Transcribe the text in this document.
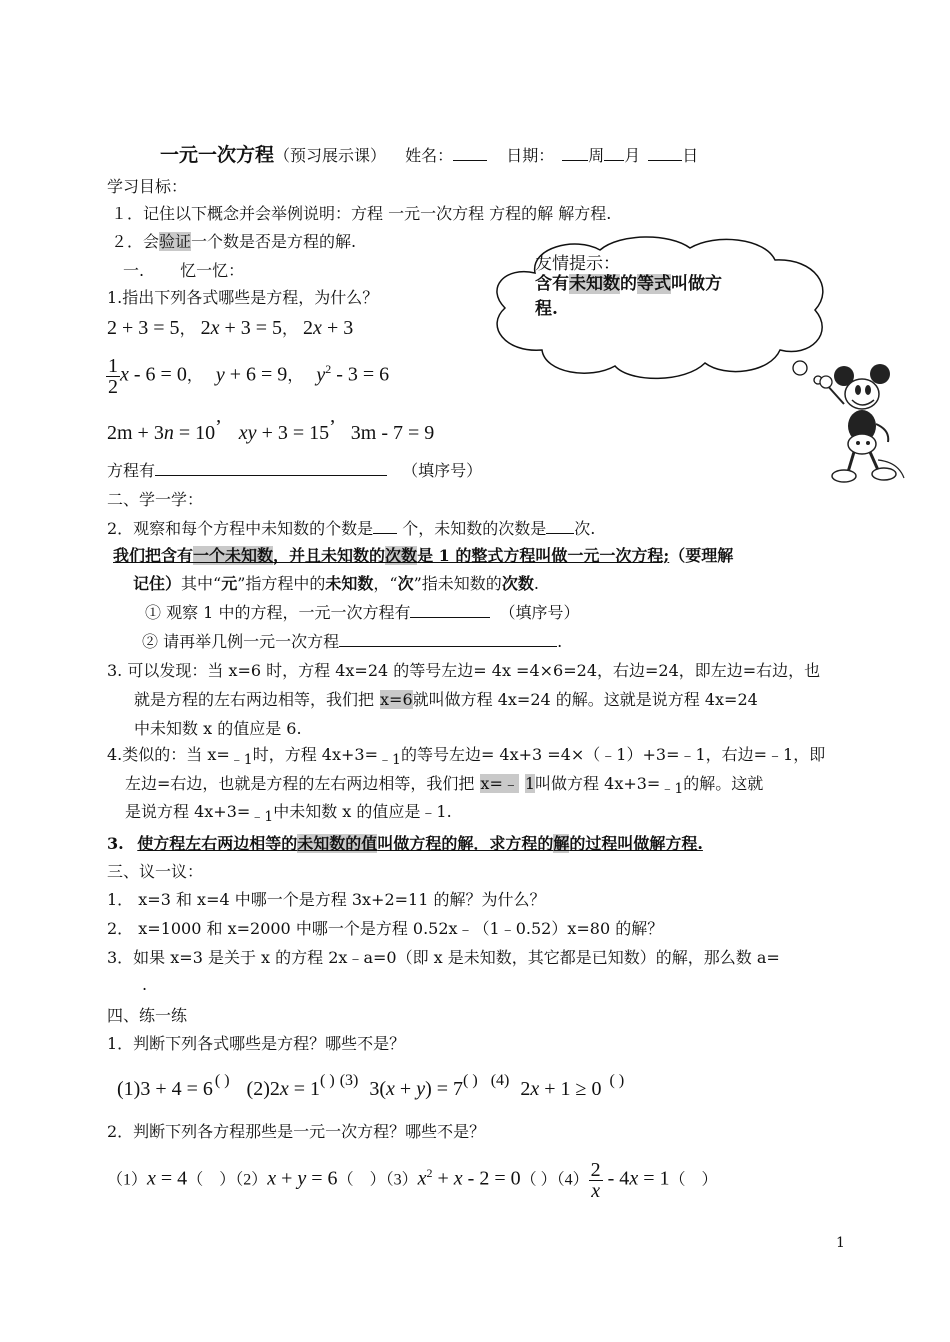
一元一次方程（预习展示课） 姓名：	日期： 周 月	日
学习目标：
１．记住以下概念并会举例说明：方程 一元一次方程 方程的解 解方程.
２．会验证一个数是否是方程的解.
一. 忆一忆：
1.指出下列各式哪些是方程，为什么？
2 + 3 = 5， 2x + 3 = 5， 2x + 3
$\frac{1}{2}$ x - 6 = 0， y + 6 = 9， $y^2 - 3 = 6$
2m + 3n = 10’ xy + 3 = 15’ 3m - 7 = 9
方程有	（填序号）
友情提示：
含有未知数的等式叫做方
程.
二、学一学：
2．观察和每个方程中未知数的个数是 个，未知数的次数是 次.
我们把含有一个未知数，并且未知数的次数是 1 的整式方程叫做一元一次方程;（要理解
记住）其中“元”指方程中的未知数，“次”指未知数的次数.
① 观察 1 中的方程，一元一次方程有	（填序号）
② 请再举几例一元一次方程	.
3. 可以发现：当 x=6 时，方程 4x=24 的等号左边= 4x =4×6=24，右边=24，即左边=右边，也
就是方程的左右两边相等，我们把 x=6就叫做方程 4x=24 的解。这就是说方程 4x=24
中未知数 x 的值应是 6.
4.类似的：当 x=﹣1时，方程 4x+3=﹣1的等号左边= 4x+3 =4×（﹣1）+3=﹣1，右边=﹣1，即
左边=右边，也就是方程的左右两边相等，我们把 x=﹣ 1叫做方程 4x+3=﹣1的解。这就
是说方程 4x+3=﹣1中未知数 x 的值应是﹣1.
3. 使方程左右两边相等的未知数的值叫做方程的解．求方程的解的过程叫做解方程.
三、议一议：
1． x=3 和 x=4 中哪一个是方程 3x+2=11 的解？为什么？
2． x=1000 和 x=2000 中哪一个是方程 0.52x﹣（1﹣0.52）x=80 的解？
3．如果 x=3 是关于 x 的方程 2x﹣a=0（即 x 是未知数，其它都是已知数）的解，那么数 a=
.
四、练一练
1．判断下列各式哪些是方程？哪些不是？
(1)3 + 4 = 6 ( ) (2)2x = 1( ) $^{(3)}$ 3(x + y) = 7( ) $^{(4)}$ 2x + 1 ≥ 0 ( )
2．判断下列各方程那些是一元一次方程？哪些不是？
（1）x = 4（　）（2）x + y = 6（　）$(3)x^2 + x - 2 = 0$（ ）$(4) \frac{2}{x} - 4x = 1$（　）
1
